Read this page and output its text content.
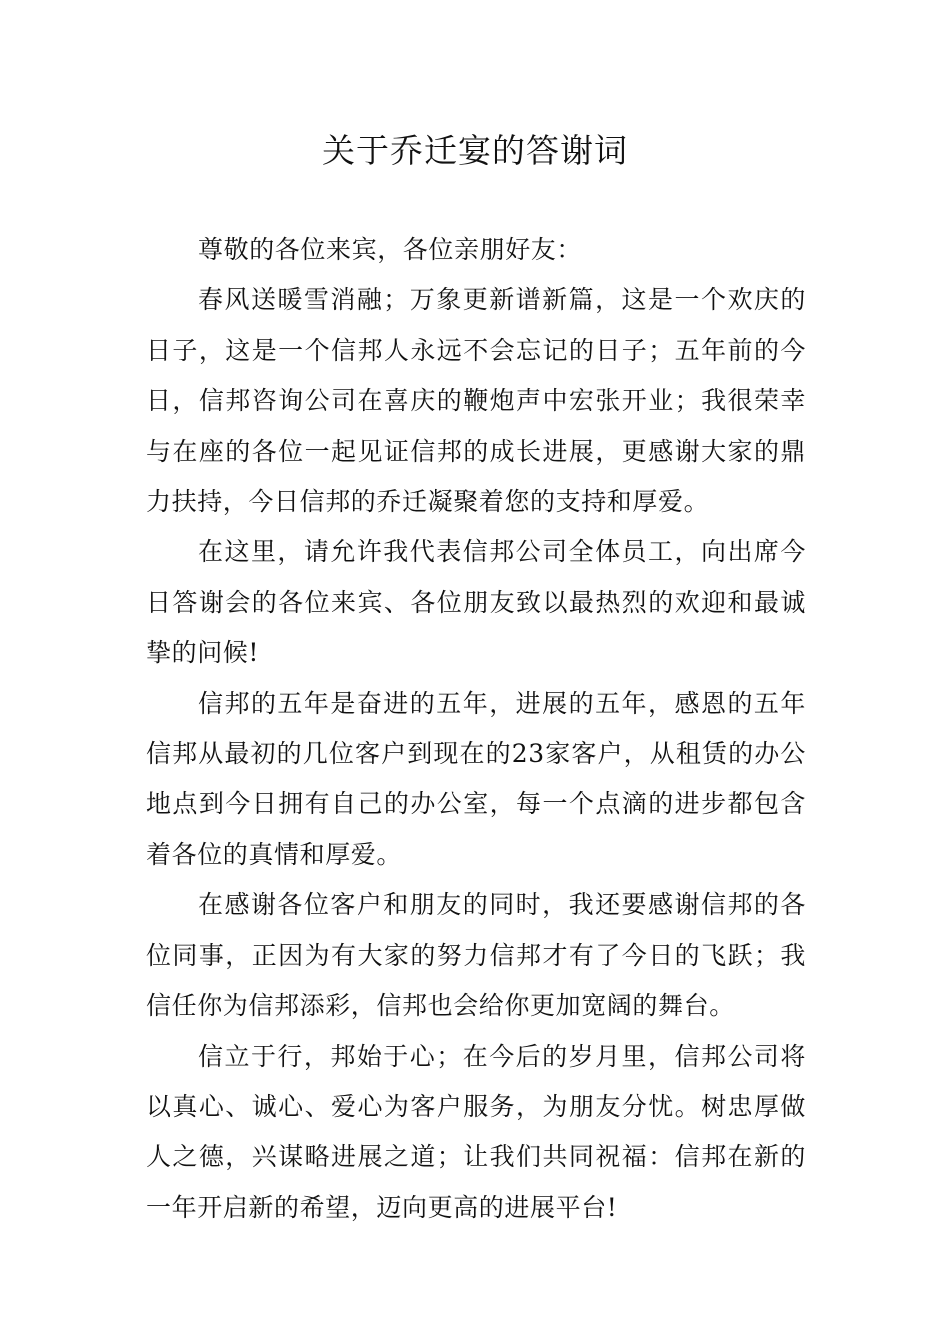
关于乔迁宴的答谢词

尊敬的各位来宾，各位亲朋好友：

春风送暖雪消融；万象更新谱新篇，这是一个欢庆的日子，这是一个信邦人永远不会忘记的日子；五年前的今日，信邦咨询公司在喜庆的鞭炮声中宏张开业；我很荣幸与在座的各位一起见证信邦的成长进展，更感谢大家的鼎力扶持，今日信邦的乔迁凝聚着您的支持和厚爱。

在这里，请允许我代表信邦公司全体员工，向出席今日答谢会的各位来宾、各位朋友致以最热烈的欢迎和最诚挚的问候!

信邦的五年是奋进的五年，进展的五年，感恩的五年信邦从最初的几位客户到现在的23家客户，从租赁的办公地点到今日拥有自己的办公室，每一个点滴的进步都包含着各位的真情和厚爱。

在感谢各位客户和朋友的同时，我还要感谢信邦的各位同事，正因为有大家的努力信邦才有了今日的飞跃；我信任你为信邦添彩，信邦也会给你更加宽阔的舞台。

信立于行，邦始于心；在今后的岁月里，信邦公司将以真心、诚心、爱心为客户服务，为朋友分忧。树忠厚做人之德，兴谋略进展之道；让我们共同祝福：信邦在新的一年开启新的希望，迈向更高的进展平台!
